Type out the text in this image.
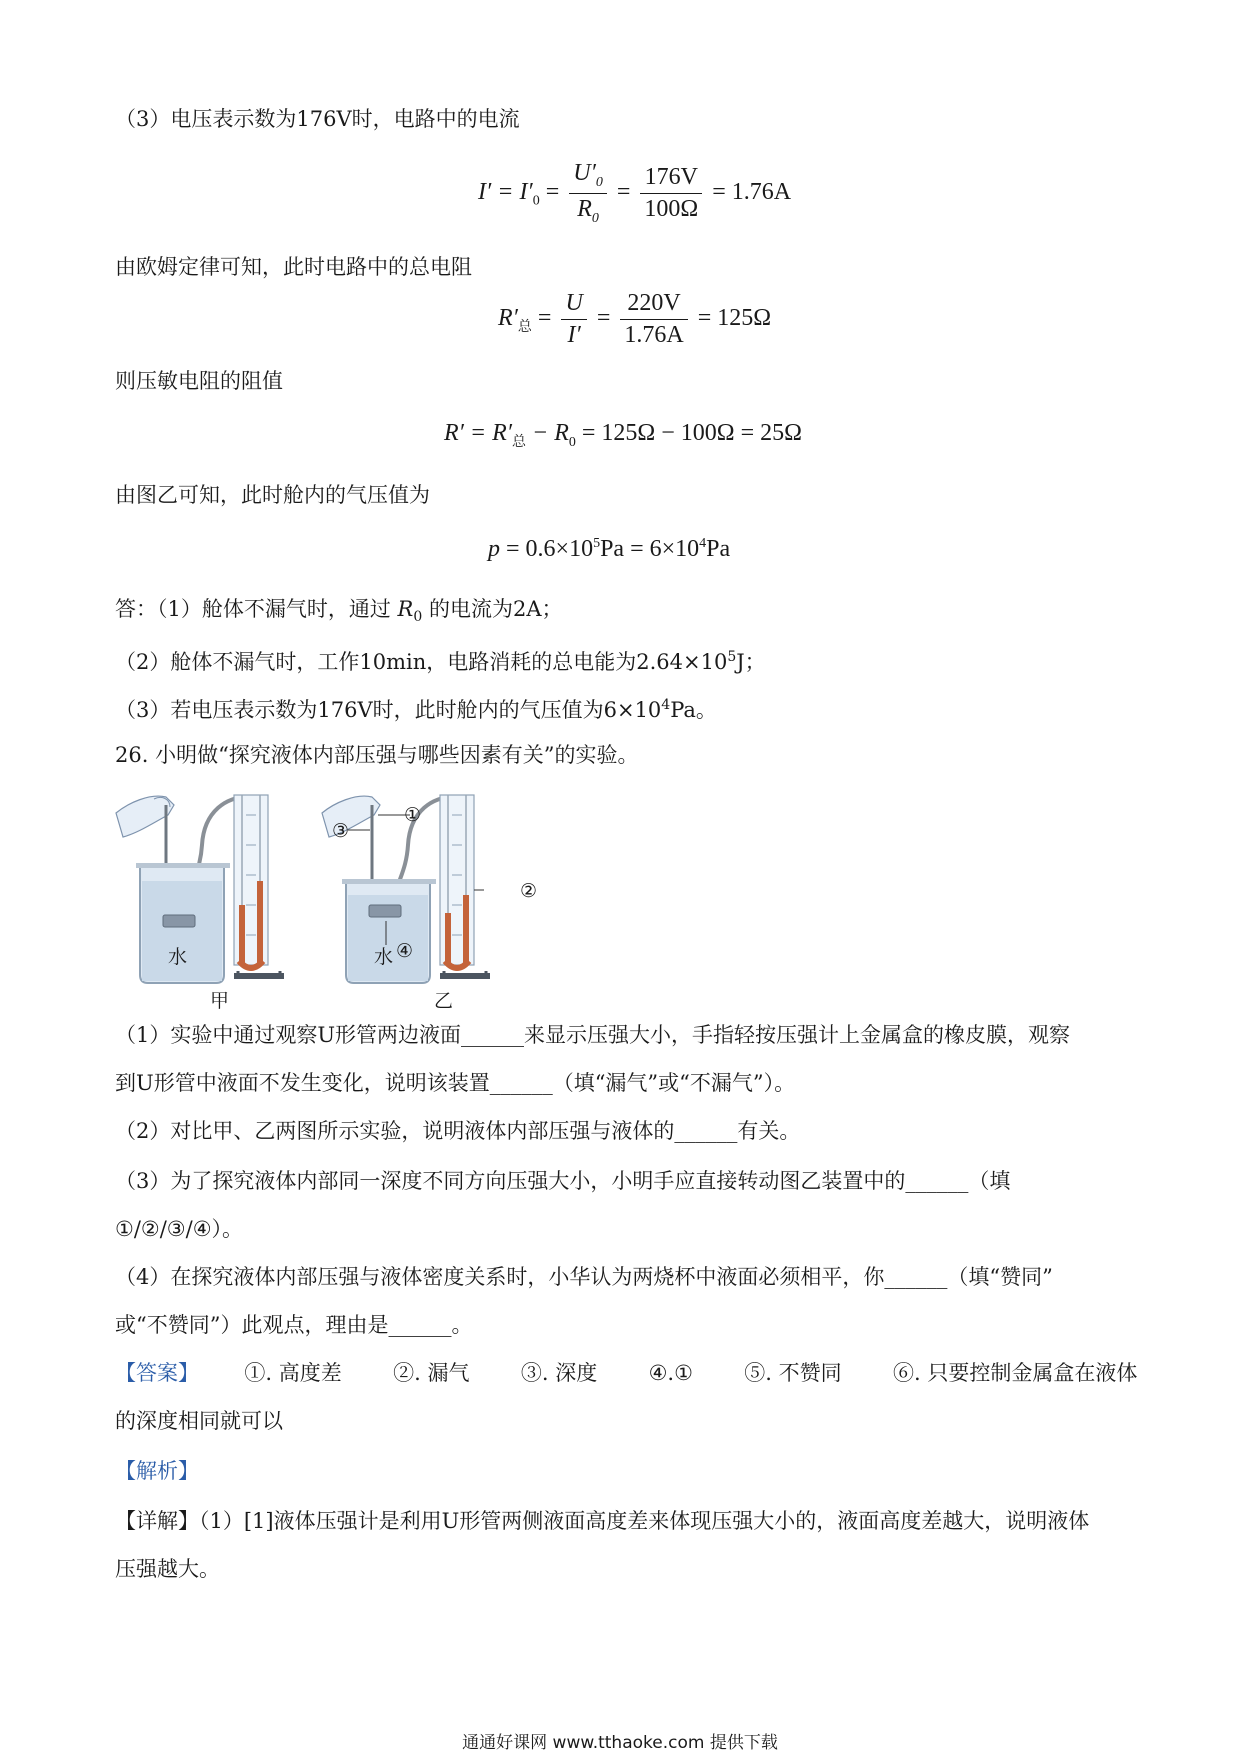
（3）电压表示数为176V时，电路中的电流
$I' = I'_0 = \frac{U'_0}{R_0} = \frac{176V}{100\Omega} = 1.76A$
由欧姆定律可知，此时电路中的总电阻
$R'_总 = \frac{U}{I'} = \frac{220V}{1.76A} = 125\Omega$
则压敏电阻的阻值
$R' = R'_总 - R_0 = 125\Omega - 100\Omega = 25\Omega$
由图乙可知，此时舱内的气压值为
$p = 0.6\times 10^5Pa = 6\times 10^4Pa$
答：（1）舱体不漏气时，通过 $R_0$ 的电流为2A；
（2）舱体不漏气时，工作10min，电路消耗的总电能为$2.64\times 10^5J$；
（3）若电压表示数为176V时，此时舱内的气压值为$6\times 10^4Pa$。
26. 小明做“探究液体内部压强与哪些因素有关”的实验。
水	水 ④
①
③
②
甲	乙
（1）实验中通过观察U形管两边液面______来显示压强大小，手指轻按压强计上金属盒的橡皮膜，观察
到U形管中液面不发生变化，说明该装置______（填“漏气”或“不漏气”）。
（2）对比甲、乙两图所示实验，说明液体内部压强与液体的______有关。
（3）为了探究液体内部同一深度不同方向压强大小，小明手应直接转动图乙装置中的______（填
①/②/③/④）。
（4）在探究液体内部压强与液体密度关系时，小华认为两烧杯中液面必须相平，你______（填“赞同”
或“不赞同”）此观点，理由是______。
【答案】 ①. 高度差 ②. 漏气 ③. 深度 ④.① ⑤. 不赞同 ⑥. 只要控制金属盒在液体
的深度相同就可以
【解析】
【详解】（1）[1]液体压强计是利用U形管两侧液面高度差来体现压强大小的，液面高度差越大，说明液体
压强越大。
通通好课网 www.tthaoke.com 提供下载
